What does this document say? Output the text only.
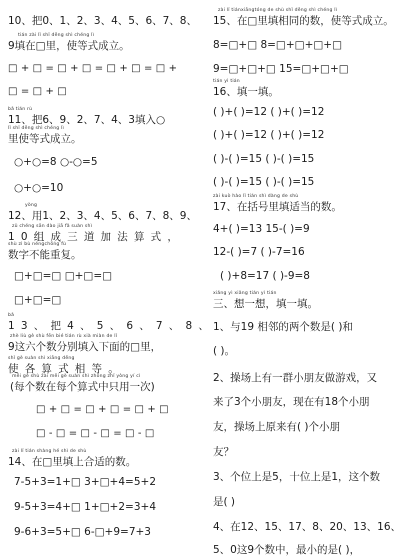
10、把0、1、2、3、4、5、6、7、8、
tián zài lǐ shǐ děng shì chéng lì
9填在□里，使等式成立。
□+□=□+□=□+□=□+
□=□+□
bǎ tián rù
11、把6、9、2、7、4、3填入○
lǐ shǐ děng shì chéng lì
里使等式成立。
○+○=8 ○-○=5
○+○=10
yòng
12、用1、2、3、4、5、6、7、8、9、
zǔ chéng sān dào jiā fǎ suàn shì
10组成三道加法算式，
shù zì bù néngchóng fù
数字不能重复。
□+□=□ □+□=□
□+□=□
bǎ
13、把4、5、6、7、8、
zhè liù gè shù fēn bié tián rù xià miàn de lǐ
9这六个数分别填入下面的□里，
shǐ gè suàn shì xiāng děng
使各算式相等。
měi gè shù zài měi gè suàn shì zhōng zhǐ yòng yí cì
(每个数在每个算式中只用一次)
□+□=□+□=□+□
□-□=□-□=□-□
zài lǐ tián shàng hé shì de shù
14、在□里填上合适的数。
7-5+3=1+□ 3+□+4=5+2
9-5+3=4+□ 1+□+2=3+4
9-6+3=5+□ 6-□+9=7+3
zài lǐ tiánxiāngtóng de shù shǐ děng shì chéng lì
15、在□里填相同的数，使等式成立。
8=□+□ 8=□+□+□+□
9=□+□+□ 15=□+□+□
tián yì tián
16、填一填。
( )+( )=12 ( )+( )=12
( )+( )=12 ( )+( )=12
( )-( )=15 ( )-( )=15
( )-( )=15 ( )-( )=15
zài kuò hào lǐ tián shì dàng de shù
17、在括号里填适当的数。
4+( )=13 15-( )=9
12-( )=7 ( )-7=16
( )+8=17 ( )-9=8
xiǎng yì xiǎng tián yì tián
三、想一想，填一填。
1、与19 相邻的两个数是( )和
( )。
2、操场上有一群小朋友做游戏，又
来了3个小朋友，现在有18个小朋
友，操场上原来有( )个小朋
友？
3、个位上是5，十位上是1，这个数
是( )
4、在12、15、17、8、20、13、16、
5、0这9个数中，最小的是( )，
